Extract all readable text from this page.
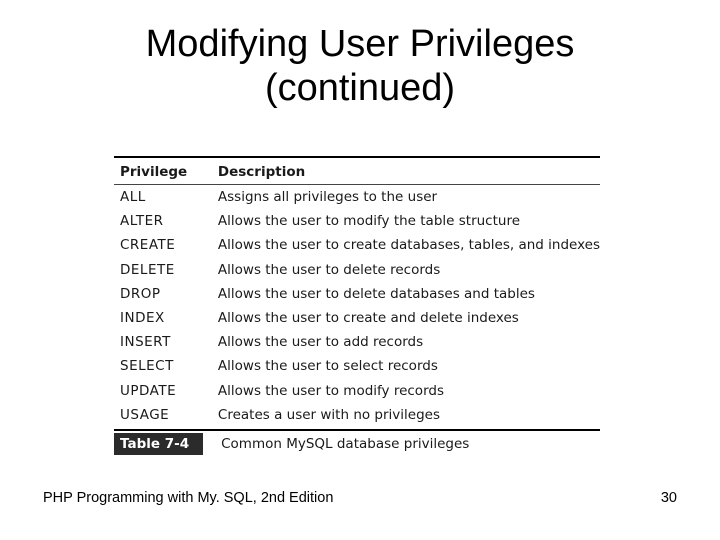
Modifying User Privileges
(continued)
Privilege	Description
ALL	Assigns all privileges to the user
ALTER	Allows the user to modify the table structure
CREATE	Allows the user to create databases, tables, and indexes
DELETE	Allows the user to delete records
DROP	Allows the user to delete databases and tables
INDEX	Allows the user to create and delete indexes
INSERT	Allows the user to add records
SELECT	Allows the user to select records
UPDATE	Allows the user to modify records
USAGE	Creates a user with no privileges
Table 7-4	Common MySQL database privileges
PHP Programming with My. SQL, 2nd Edition	30
